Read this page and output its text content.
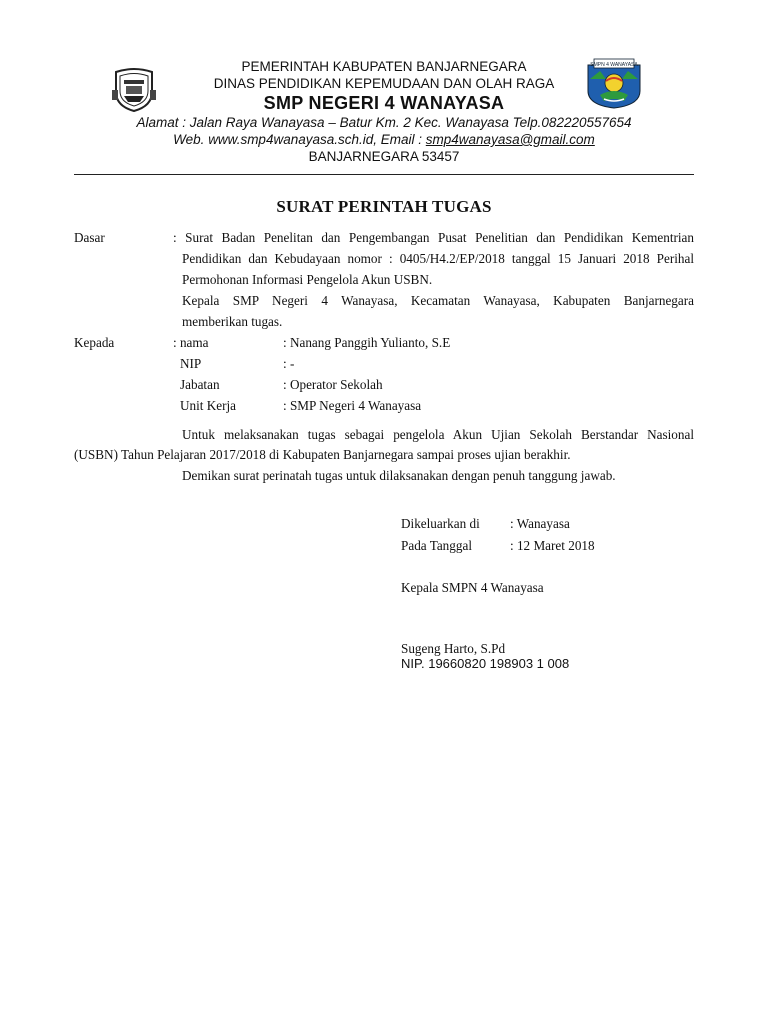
SMPN 4 WANAYASA
PEMERINTAH KABUPATEN BANJARNEGARA
DINAS PENDIDIKAN KEPEMUDAAN DAN OLAH RAGA
SMP NEGERI 4 WANAYASA
Alamat : Jalan Raya Wanayasa – Batur Km. 2 Kec. Wanayasa Telp.082220557654
Web. www.smp4wanayasa.sch.id, Email : smp4wanayasa@gmail.com
BANJARNEGARA 53457
SURAT PERINTAH TUGAS
Dasar	: Surat Badan Penelitan dan Pengembangan Pusat Penelitian dan Pendidikan Kementrian
Pendidikan dan Kebudayaan nomor : 0405/H4.2/EP/2018 tanggal 15 Januari 2018 Perihal
Permohonan Informasi Pengelola Akun USBN.
Kepala SMP Negeri 4 Wanayasa, Kecamatan Wanayasa, Kabupaten Banjarnegara
memberikan tugas.
Kepada	: nama	: Nanang Panggih Yulianto, S.E
NIP	: -
Jabatan	: Operator Sekolah
Unit Kerja	: SMP Negeri 4 Wanayasa
Untuk melaksanakan tugas sebagai pengelola Akun Ujian Sekolah Berstandar Nasional
(USBN) Tahun Pelajaran 2017/2018 di Kabupaten Banjarnegara sampai proses ujian berakhir.
Demikan surat perinatah tugas untuk dilaksanakan dengan penuh tanggung jawab.
Dikeluarkan di : Wanayasa
Pada Tanggal	: 12 Maret 2018
Kepala SMPN 4 Wanayasa
Sugeng Harto, S.Pd
NIP. 19660820 198903 1 008
